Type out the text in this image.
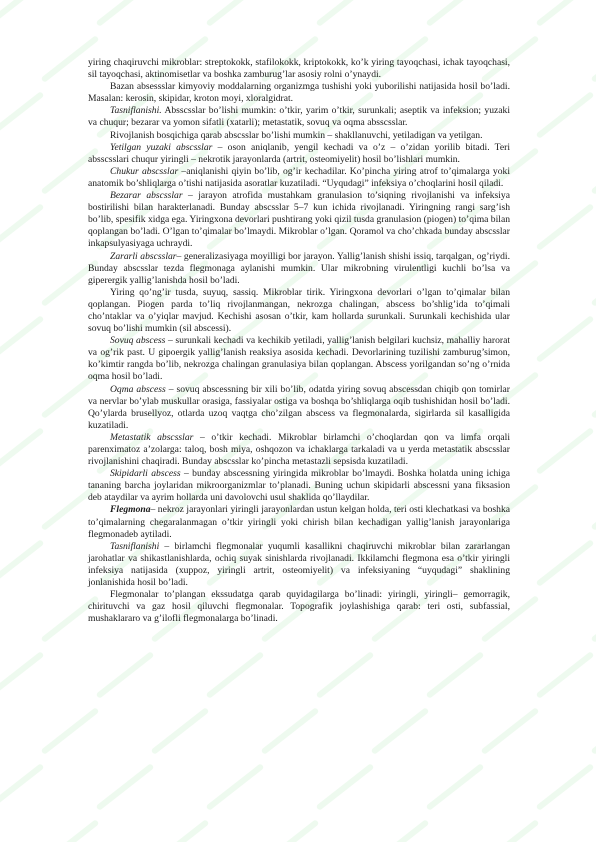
yiring chaqiruvchi mikroblar: streptokokk, stafilokokk, kriptokokk, ko’k yiring tayoqchasi, ichak tayoqchasi, sil tayoqchasi, aktinomisetlar va boshka zamburug’lar asosiy rolni o’ynaydi.

Bazan absessslar kimyoviy moddalarning organizmga tushishi yoki yuborilishi natijasida hosil bo’ladi. Masalan: kerosin, skipidar, kroton moyi, xloralgidrat.

Tasniflanishi. Absscsslar bo’lishi mumkin: o’tkir, yarim o’tkir, surunkali; aseptik va infeksion; yuzaki va chuqur; bezarar va yomon sifatli (xatarli); metastatik, sovuq va oqma absscsslar.

Rivojlanish bosqichiga qarab abscsslar bo’lishi mumkin – shakllanuvchi, yetiladigan va yetilgan.

Yetilgan yuzaki abscsslar – oson aniqlanib, yengil kechadi va o’z – o’zidan yorilib bitadi. Teri absscsslari chuqur yiringli – nekrotik jarayonlarda (artrit, osteomiyelit) hosil bo’lishlari mumkin.

Chukur abscsslar –aniqlanishi qiyin bo’lib, og’ir kechadilar. Ko’pincha yiring atrof to’qimalarga yoki anatomik bo’shliqlarga o’tishi natijasida asoratlar kuzatiladi. “Uyqudagi” infeksiya o’choqlarini hosil qiladi.

Bezarar abscsslar – jarayon atrofida mustahkam granulasion to’siqning rivojlanishi va infeksiya bostirilishi bilan harakterlanadi. Bunday abscsslar 5–7 kun ichida rivojlanadi. Yiringning rangi sarg’ish bo’lib, spesifik xidga ega. Yiringxona devorlari pushtirang yoki qizil tusda granulasion (piogen) to’qima bilan qoplangan bo’ladi. O’lgan to’qimalar bo’lmaydi. Mikroblar o’lgan. Qoramol va cho’chkada bunday abscsslar inkapsulyasiyaga uchraydi.

Zararli abscsslar– generalizasiyaga moyilligi bor jarayon. Yallig’lanish shishi issiq, tarqalgan, og’riydi. Bunday abscsslar tezda flegmonaga aylanishi mumkin. Ular mikrobning virulentligi kuchli bo’lsa va giperergik yallig’lanishda hosil bo’ladi.

Yiring qo’ng’ir tusda, suyuq, sassiq. Mikroblar tirik. Yiringxona devorlari o’lgan to’qimalar bilan qoplangan. Piogen parda to’liq rivojlanmangan, nekrozga chalingan, abscess bo’shlig’ida to’qimali cho’ntaklar va o’yiqlar mavjud. Kechishi asosan o’tkir, kam hollarda surunkali. Surunkali kechishida ular sovuq bo’lishi mumkin (sil abscessi).

Sovuq abscess – surunkali kechadi va kechikib yetiladi, yallig’lanish belgilari kuchsiz, mahalliy harorat va og’rik past. U gipoergik yallig’lanish reaksiya asosida kechadi. Devorlarining tuzilishi zamburug’simon, ko’kimtir rangda bo’lib, nekrozga chalingan granulasiya bilan qoplangan. Abscess yorilgandan so’ng o’rnida oqma hosil bo’ladi.

Oqma abscess – sovuq abscessning bir xili bo’lib, odatda yiring sovuq abscessdan chiqib qon tomirlar va nervlar bo’ylab muskullar orasiga, fassiyalar ostiga va boshqa bo’shliqlarga oqib tushishidan hosil bo’ladi. Qo’ylarda brusellyoz, otlarda uzoq vaqtga cho’zilgan abscess va flegmonalarda, sigirlarda sil kasalligida kuzatiladi.

Metastatik abscsslar – o’tkir kechadi. Mikroblar birlamchi o’choqlardan qon va limfa orqali parenximatoz a’zolarga: taloq, bosh miya, oshqozon va ichaklarga tarkaladi va u yerda metastatik abscsslar rivojlanishini chaqiradi. Bunday abscsslar ko’pincha metastazli sepsisda kuzatiladi.

Skipidarli abscess – bunday abscessning yiringida mikroblar bo’lmaydi. Boshka holatda uning ichiga tananing barcha joylaridan mikroorganizmlar to’planadi. Buning uchun skipidarli abscessni yana fiksasion deb ataydilar va ayrim hollarda uni davolovchi usul shaklida qo’llaydilar.

Flegmona– nekroz jarayonlari yiringli jarayonlardan ustun kelgan holda, teri osti klechatkasi va boshka to’qimalarning chegaralanmagan o’tkir yiringli yoki chirish bilan kechadigan yallig’lanish jarayonlariga flegmonadeb aytiladi.

Tasniflanishi – birlamchi flegmonalar yuqumli kasallikni chaqiruvchi mikroblar bilan zararlangan jarohatlar va shikastlanishlarda, ochiq suyak sinishlarda rivojlanadi. Ikkilamchi flegmona esa o’tkir yiringli infeksiya natijasida (xuppoz, yiringli artrit, osteomiyelit) va infeksiyaning “uyqudagi” shaklining jonlanishida hosil bo’ladi.

Flegmonalar to’plangan ekssudatga qarab quyidagilarga bo’linadi: yiringli, yiringli– gemorragik, chirituvchi va gaz hosil qiluvchi flegmonalar. Topografik joylashishiga qarab: teri osti, subfassial, mushaklararo va g’ilofli flegmonalarga bo’linadi.
